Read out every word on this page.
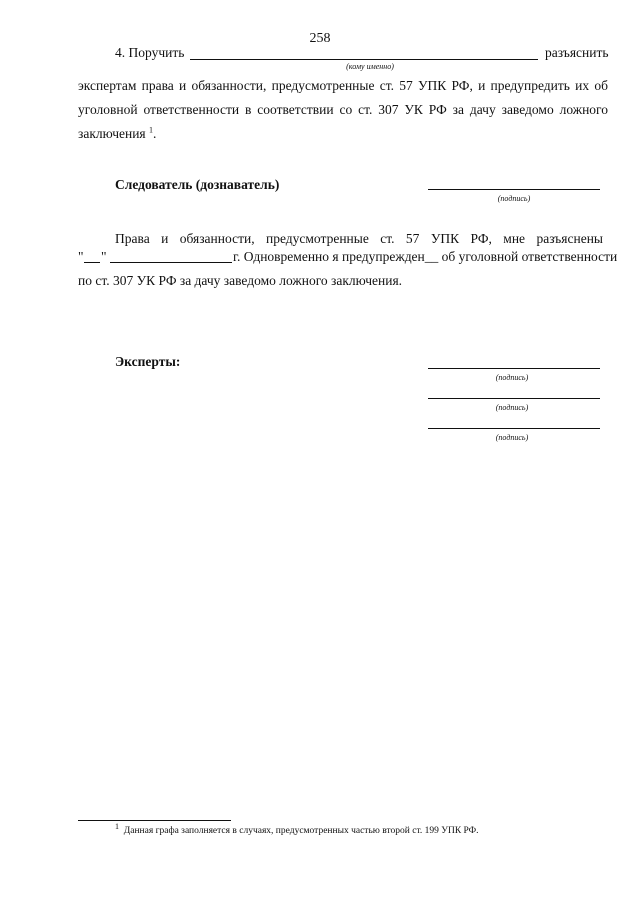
258
4. Поручить	разъяснить
(кому именно)
экспертам права и обязанности, предусмотренные ст. 57 УПК РФ, и предупредить их об
уголовной ответственности в соответствии со ст. 307 УК РФ за дачу заведомо ложного
заключения $^1$.
Следователь (дознаватель)
(подпись)
Права и обязанности, предусмотренные ст. 57 УПК РФ, мне разъяснены
" "	г. Одновременно я предупрежден__ об уголовной ответственности
по ст. 307 УК РФ за дачу заведомо ложного заключения.
Эксперты:
(подпись)
(подпись)
(подпись)
$^1$ Данная графа заполняется в случаях, предусмотренных частью второй ст. 199 УПК РФ.
